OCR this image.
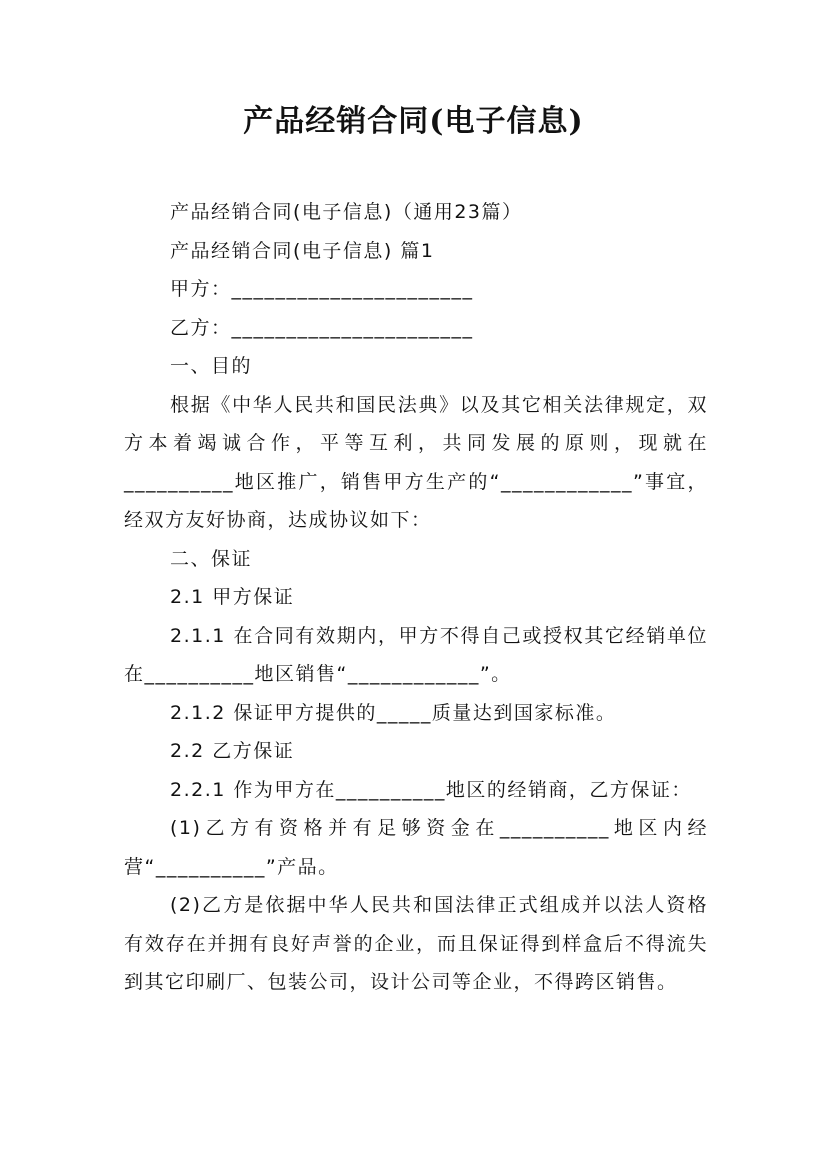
产品经销合同(电子信息)

产品经销合同(电子信息)（通用23篇）

产品经销合同(电子信息) 篇1

甲方：______________________

乙方：______________________

一、目的

根据《中华人民共和国民法典》以及其它相关法律规定，双方本着竭诚合作，平等互利，共同发展的原则，现就在__________地区推广，销售甲方生产的“____________”事宜，经双方友好协商，达成协议如下：

二、保证

2.1 甲方保证

2.1.1 在合同有效期内，甲方不得自己或授权其它经销单位在__________地区销售“____________”。

2.1.2 保证甲方提供的_____质量达到国家标准。

2.2 乙方保证

2.2.1 作为甲方在__________地区的经销商，乙方保证：

(1)乙方有资格并有足够资金在__________地区内经营“__________”产品。

(2)乙方是依据中华人民共和国法律正式组成并以法人资格有效存在并拥有良好声誉的企业，而且保证得到样盒后不得流失到其它印刷厂、包装公司，设计公司等企业，不得跨区销售。
